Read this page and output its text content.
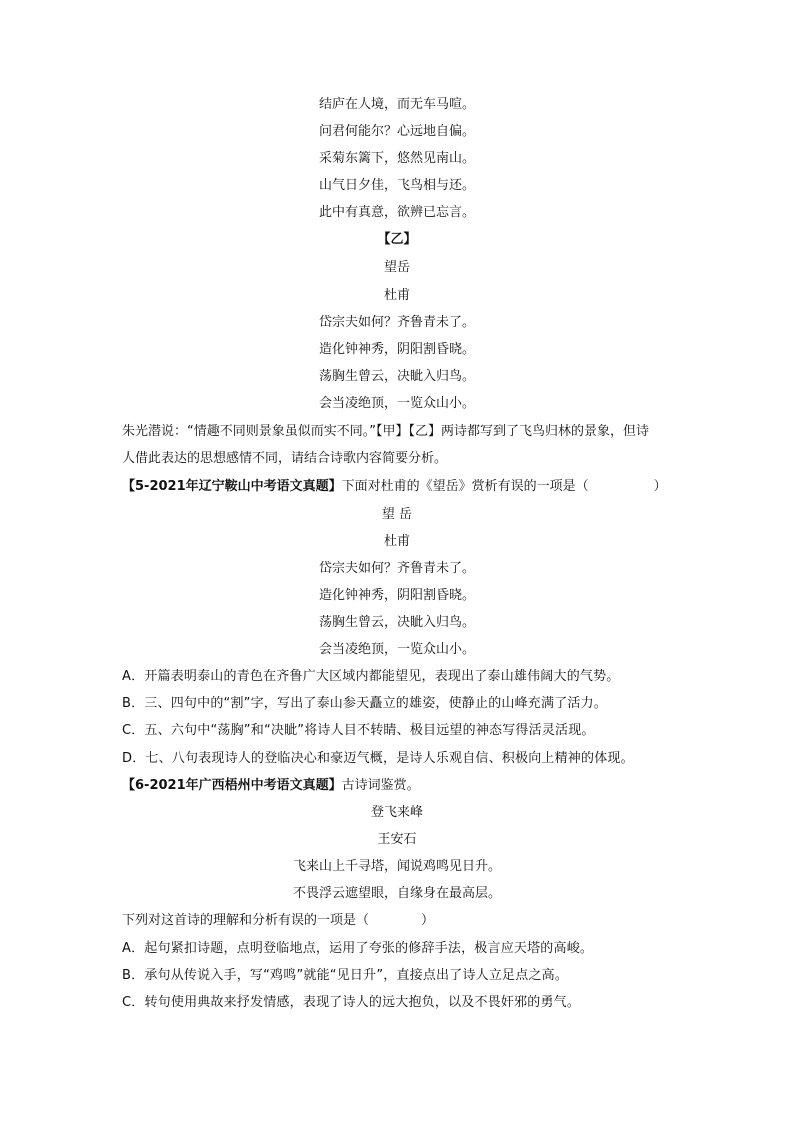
结庐在人境，而无车马喧。
问君何能尔？心远地自偏。
采菊东篱下，悠然见南山。
山气日夕佳，飞鸟相与还。
此中有真意，欲辨已忘言。
【乙】
望岳
杜甫
岱宗夫如何？齐鲁青未了。
造化钟神秀，阴阳割昏晓。
荡胸生曾云，决眦入归鸟。
会当凌绝顶，一览众山小。
朱光潜说：“情趣不同则景象虽似而实不同。”【甲】【乙】两诗都写到了飞鸟归林的景象，但诗
人借此表达的思想感情不同，请结合诗歌内容简要分析。
【5-2021年辽宁鞍山中考语文真题】下面对杜甫的《望岳》赏析有误的一项是（　　　　　）
望 岳
杜甫
岱宗夫如何？齐鲁青未了。
造化钟神秀，阴阳割昏晓。
荡胸生曾云，决眦入归鸟。
会当凌绝顶，一览众山小。
A．开篇表明泰山的青色在齐鲁广大区域内都能望见，表现出了泰山雄伟阔大的气势。
B．三、四句中的“割”字，写出了泰山参天矗立的雄姿，使静止的山峰充满了活力。
C．五、六句中“荡胸”和“决眦”将诗人目不转睛、极目远望的神态写得活灵活现。
D．七、八句表现诗人的登临决心和豪迈气概，是诗人乐观自信、积极向上精神的体现。
【6-2021年广西梧州中考语文真题】古诗词鉴赏。
登飞来峰
王安石
飞来山上千寻塔，闻说鸡鸣见日升。
不畏浮云遮望眼，自缘身在最高层。
下列对这首诗的理解和分析有误的一项是（　　　　）
A．起句紧扣诗题，点明登临地点，运用了夸张的修辞手法，极言应天塔的高峻。
B．承句从传说入手，写“鸡鸣”就能“见日升”，直接点出了诗人立足点之高。
C．转句使用典故来抒发情感，表现了诗人的远大抱负，以及不畏奸邪的勇气。
